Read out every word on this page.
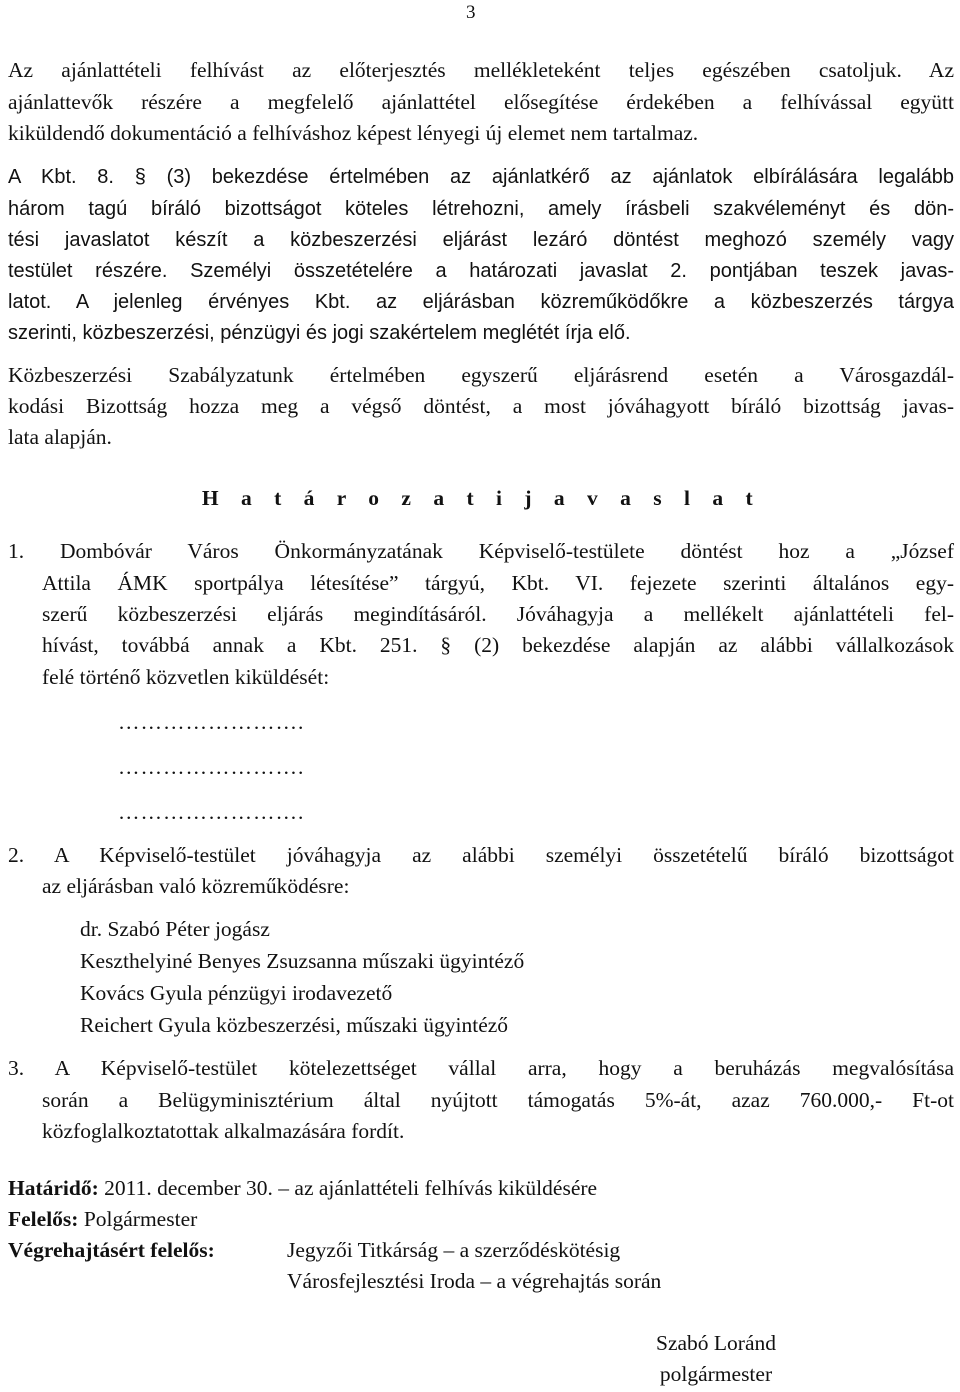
3
Az ajánlattételi felhívást az előterjesztés mellékleteként teljes egészében csatoljuk. Az
ajánlattevők részére a megfelelő ajánlattétel elősegítése érdekében a felhívással együtt
kiküldendő dokumentáció a felhíváshoz képest lényegi új elemet nem tartalmaz.
A Kbt. 8. § (3) bekezdése értelmében az ajánlatkérő az ajánlatok elbírálására legalább
három tagú bíráló bizottságot köteles létrehozni, amely írásbeli szakvéleményt és dön-
tési javaslatot készít a közbeszerzési eljárást lezáró döntést meghozó személy vagy
testület részére. Személyi összetételére a határozati javaslat 2. pontjában teszek javas-
latot. A jelenleg érvényes Kbt. az eljárásban közreműködőkre a közbeszerzés tárgya
szerinti, közbeszerzési, pénzügyi és jogi szakértelem meglétét írja elő.
Közbeszerzési Szabályzatunk értelmében egyszerű eljárásrend esetén a Városgazdál-
kodási Bizottság hozza meg a végső döntést, a most jóváhagyott bíráló bizottság javas-
lata alapján.
H a t á r o z a t i j a v a s l a t
1. Dombóvár Város Önkormányzatának Képviselő-testülete döntést hoz a „József
Attila ÁMK sportpálya létesítése” tárgyú, Kbt. VI. fejezete szerinti általános egy-
szerű közbeszerzési eljárás megindításáról. Jóváhagyja a mellékelt ajánlattételi fel-
hívást, továbbá annak a Kbt. 251. § (2) bekezdése alapján az alábbi vállalkozások
felé történő közvetlen kiküldését:
…………………….
…………………….
…………………….
2. A Képviselő-testület jóváhagyja az alábbi személyi összetételű bíráló bizottságot
az eljárásban való közreműködésre:
dr. Szabó Péter jogász
Keszthelyiné Benyes Zsuzsanna műszaki ügyintéző
Kovács Gyula pénzügyi irodavezető
Reichert Gyula közbeszerzési, műszaki ügyintéző
3. A Képviselő-testület kötelezettséget vállal arra, hogy a beruházás megvalósítása
során a Belügyminisztérium által nyújtott támogatás 5%-át, azaz 760.000,- Ft-ot
közfoglalkoztatottak alkalmazására fordít.
Határidő: 2011. december 30. – az ajánlattételi felhívás kiküldésére
Felelős: Polgármester
Végrehajtásért felelős:	Jegyzői Titkárság – a szerződéskötésig
Városfejlesztési Iroda – a végrehajtás során
Szabó Loránd
polgármester
